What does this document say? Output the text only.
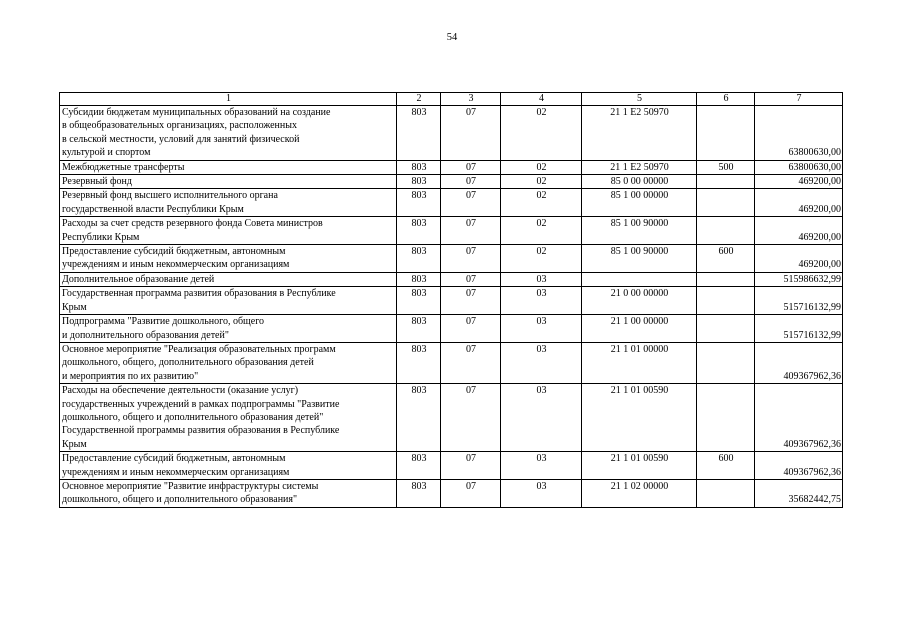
54
1	2	3	4	5	6	7

Субсидии бюджетам муниципальных образований на создание
в общеобразовательных организациях, расположенных
в сельской местности, условий для занятий физической
культурой и спортом	803	07	02	21 1 E2 50970		63800630,00

Межбюджетные трансферты	803	07	02	21 1 E2 50970	500	63800630,00

Резервный фонд	803	07	02	85 0 00 00000		469200,00

Резервный фонд высшего исполнительного органа
государственной власти Республики Крым	803	07	02	85 1 00 00000		469200,00

Расходы за счет средств резервного фонда Совета министров
Республики Крым	803	07	02	85 1 00 90000		469200,00

Предоставление субсидий бюджетным, автономным
учреждениям и иным некоммерческим организациям	803	07	02	85 1 00 90000	600	469200,00

Дополнительное образование детей	803	07	03			515986632,99

Государственная программа развития образования в Республике
Крым	803	07	03	21 0 00 00000		515716132,99

Подпрограмма "Развитие дошкольного, общего
и дополнительного образования детей"	803	07	03	21 1 00 00000		515716132,99

Основное мероприятие "Реализация образовательных программ
дошкольного, общего, дополнительного образования детей
и мероприятия по их развитию"	803	07	03	21 1 01 00000		409367962,36

Расходы на обеспечение деятельности (оказание услуг)
государственных учреждений в рамках подпрограммы "Развитие
дошкольного, общего и дополнительного образования детей"
Государственной программы развития образования в Республике
Крым	803	07	03	21 1 01 00590		409367962,36

Предоставление субсидий бюджетным, автономным
учреждениям и иным некоммерческим организациям	803	07	03	21 1 01 00590	600	409367962,36

Основное мероприятие "Развитие инфраструктуры системы
дошкольного, общего и дополнительного образования"	803	07	03	21 1 02 00000		35682442,75
